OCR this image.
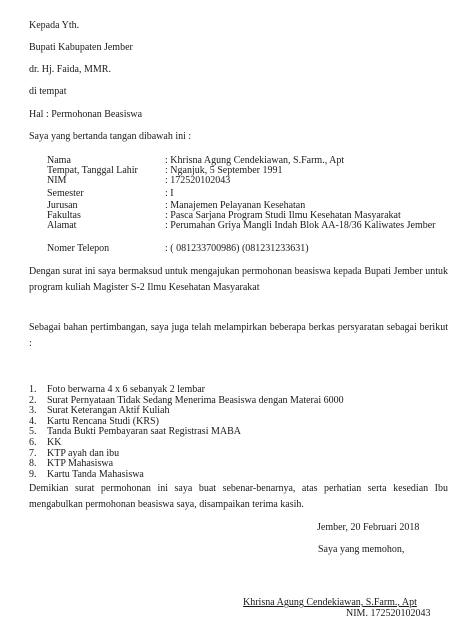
Kepada Yth.
Bupati Kabupaten Jember
dr. Hj. Faida, MMR.
di tempat
Hal : Permohonan Beasiswa
Saya yang bertanda tangan dibawah ini :
Nama	: Khrisna Agung Cendekiawan, S.Farm., Apt
Tempat, Tanggal Lahir	: Nganjuk, 5 September 1991
NIM	: 172520102043
Semester	: I
Jurusan	: Manajemen Pelayanan Kesehatan
Fakultas	: Pasca Sarjana Program Studi Ilmu Kesehatan Masyarakat
Alamat	: Perumahan Griya Mangli Indah Blok AA-18/36 Kaliwates Jember
Nomer Telepon	: ( 081233700986) (081231233631)
Dengan surat ini saya bermaksud untuk mengajukan permohonan beasiswa kepada Bupati Jember untuk program kuliah Magister S-2 Ilmu Kesehatan Masyarakat
Sebagai bahan pertimbangan, saya juga telah melampirkan beberapa berkas persyaratan sebagai berikut :
1.	Foto berwarna 4 x 6 sebanyak 2 lembar
2.	Surat Pernyataan Tidak Sedang Menerima Beasiswa dengan Materai 6000
3.	Surat Keterangan Aktif Kuliah
4.	Kartu Rencana Studi (KRS)
5.	Tanda Bukti Pembayaran saat Registrasi MABA
6.	KK
7.	KTP ayah dan ibu
8.	KTP Mahasiswa
9.	Kartu Tanda Mahasiswa
Demikian surat permohonan ini saya buat sebenar-benarnya, atas perhatian serta kesedian Ibu mengabulkan permohonan beasiswa saya, disampaikan terima kasih.
Jember, 20 Februari 2018
Saya yang memohon,
Khrisna Agung Cendekiawan, S.Farm., Apt
NIM. 172520102043
